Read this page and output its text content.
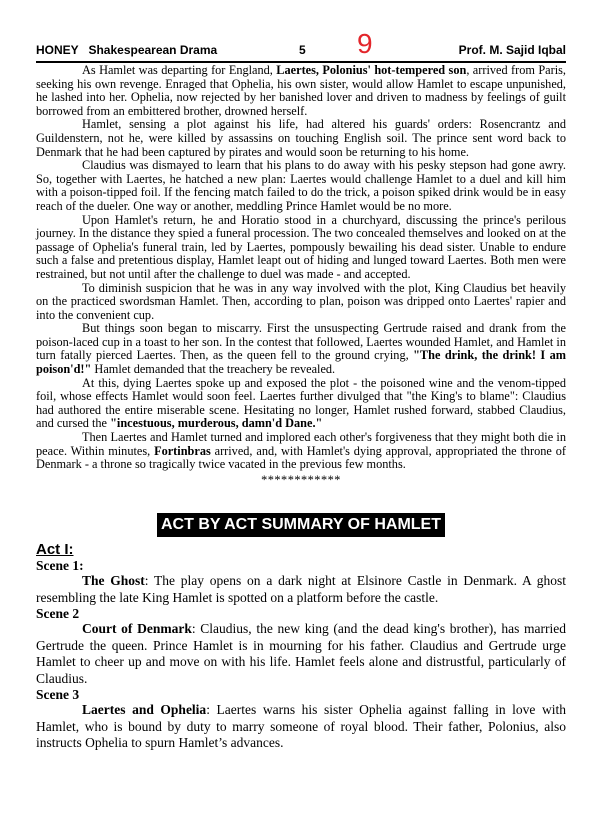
HONEY   Shakespearean Drama	5 9	Prof. M. Sajid Iqbal

As Hamlet was departing for England, Laertes, Polonius' hot-tempered son, arrived from Paris, seeking his own revenge. Enraged that Ophelia, his own sister, would allow Hamlet to escape unpunished, he lashed into her. Ophelia, now rejected by her banished lover and driven to madness by feelings of guilt borrowed from an embittered brother, drowned herself.

Hamlet, sensing a plot against his life, had altered his guards' orders: Rosencrantz and Guildenstern, not he, were killed by assassins on touching English soil. The prince sent word back to Denmark that he had been captured by pirates and would soon be returning to his home.

Claudius was dismayed to learn that his plans to do away with his pesky stepson had gone awry. So, together with Laertes, he hatched a new plan: Laertes would challenge Hamlet to a duel and kill him with a poison-tipped foil. If the fencing match failed to do the trick, a poison spiked drink would be in easy reach of the dueler. One way or another, meddling Prince Hamlet would be no more.

Upon Hamlet's return, he and Horatio stood in a churchyard, discussing the prince's perilous journey. In the distance they spied a funeral procession. The two concealed themselves and looked on at the passage of Ophelia's funeral train, led by Laertes, pompously bewailing his dead sister. Unable to endure such a false and pretentious display, Hamlet leapt out of hiding and lunged toward Laertes. Both men were restrained, but not until after the challenge to duel was made - and accepted.

To diminish suspicion that he was in any way involved with the plot, King Claudius bet heavily on the practiced swordsman Hamlet. Then, according to plan, poison was dripped onto Laertes' rapier and into the convenient cup.

But things soon began to miscarry. First the unsuspecting Gertrude raised and drank from the poison-laced cup in a toast to her son. In the contest that followed, Laertes wounded Hamlet, and Hamlet in turn fatally pierced Laertes. Then, as the queen fell to the ground crying, "The drink, the drink! I am poison'd!" Hamlet demanded that the treachery be revealed.

At this, dying Laertes spoke up and exposed the plot - the poisoned wine and the venom-tipped foil, whose effects Hamlet would soon feel. Laertes further divulged that "the King's to blame": Claudius had authored the entire miserable scene. Hesitating no longer, Hamlet rushed forward, stabbed Claudius, and cursed the "incestuous, murderous, damn'd Dane."

Then Laertes and Hamlet turned and implored each other's forgiveness that they might both die in peace. Within minutes, Fortinbras arrived, and, with Hamlet's dying approval, appropriated the throne of Denmark - a throne so tragically twice vacated in the previous few months.

************
ACT BY ACT SUMMARY OF HAMLET
Act I:
Scene 1:

The Ghost: The play opens on a dark night at Elsinore Castle in Denmark. A ghost resembling the late King Hamlet is spotted on a platform before the castle.

Scene 2

Court of Denmark: Claudius, the new king (and the dead king's brother), has married Gertrude the queen. Prince Hamlet is in mourning for his father. Claudius and Gertrude urge Hamlet to cheer up and move on with his life. Hamlet feels alone and distrustful, particularly of Claudius.

Scene 3

Laertes and Ophelia: Laertes warns his sister Ophelia against falling in love with Hamlet, who is bound by duty to marry someone of royal blood. Their father, Polonius, also instructs Ophelia to spurn Hamlet’s advances.
